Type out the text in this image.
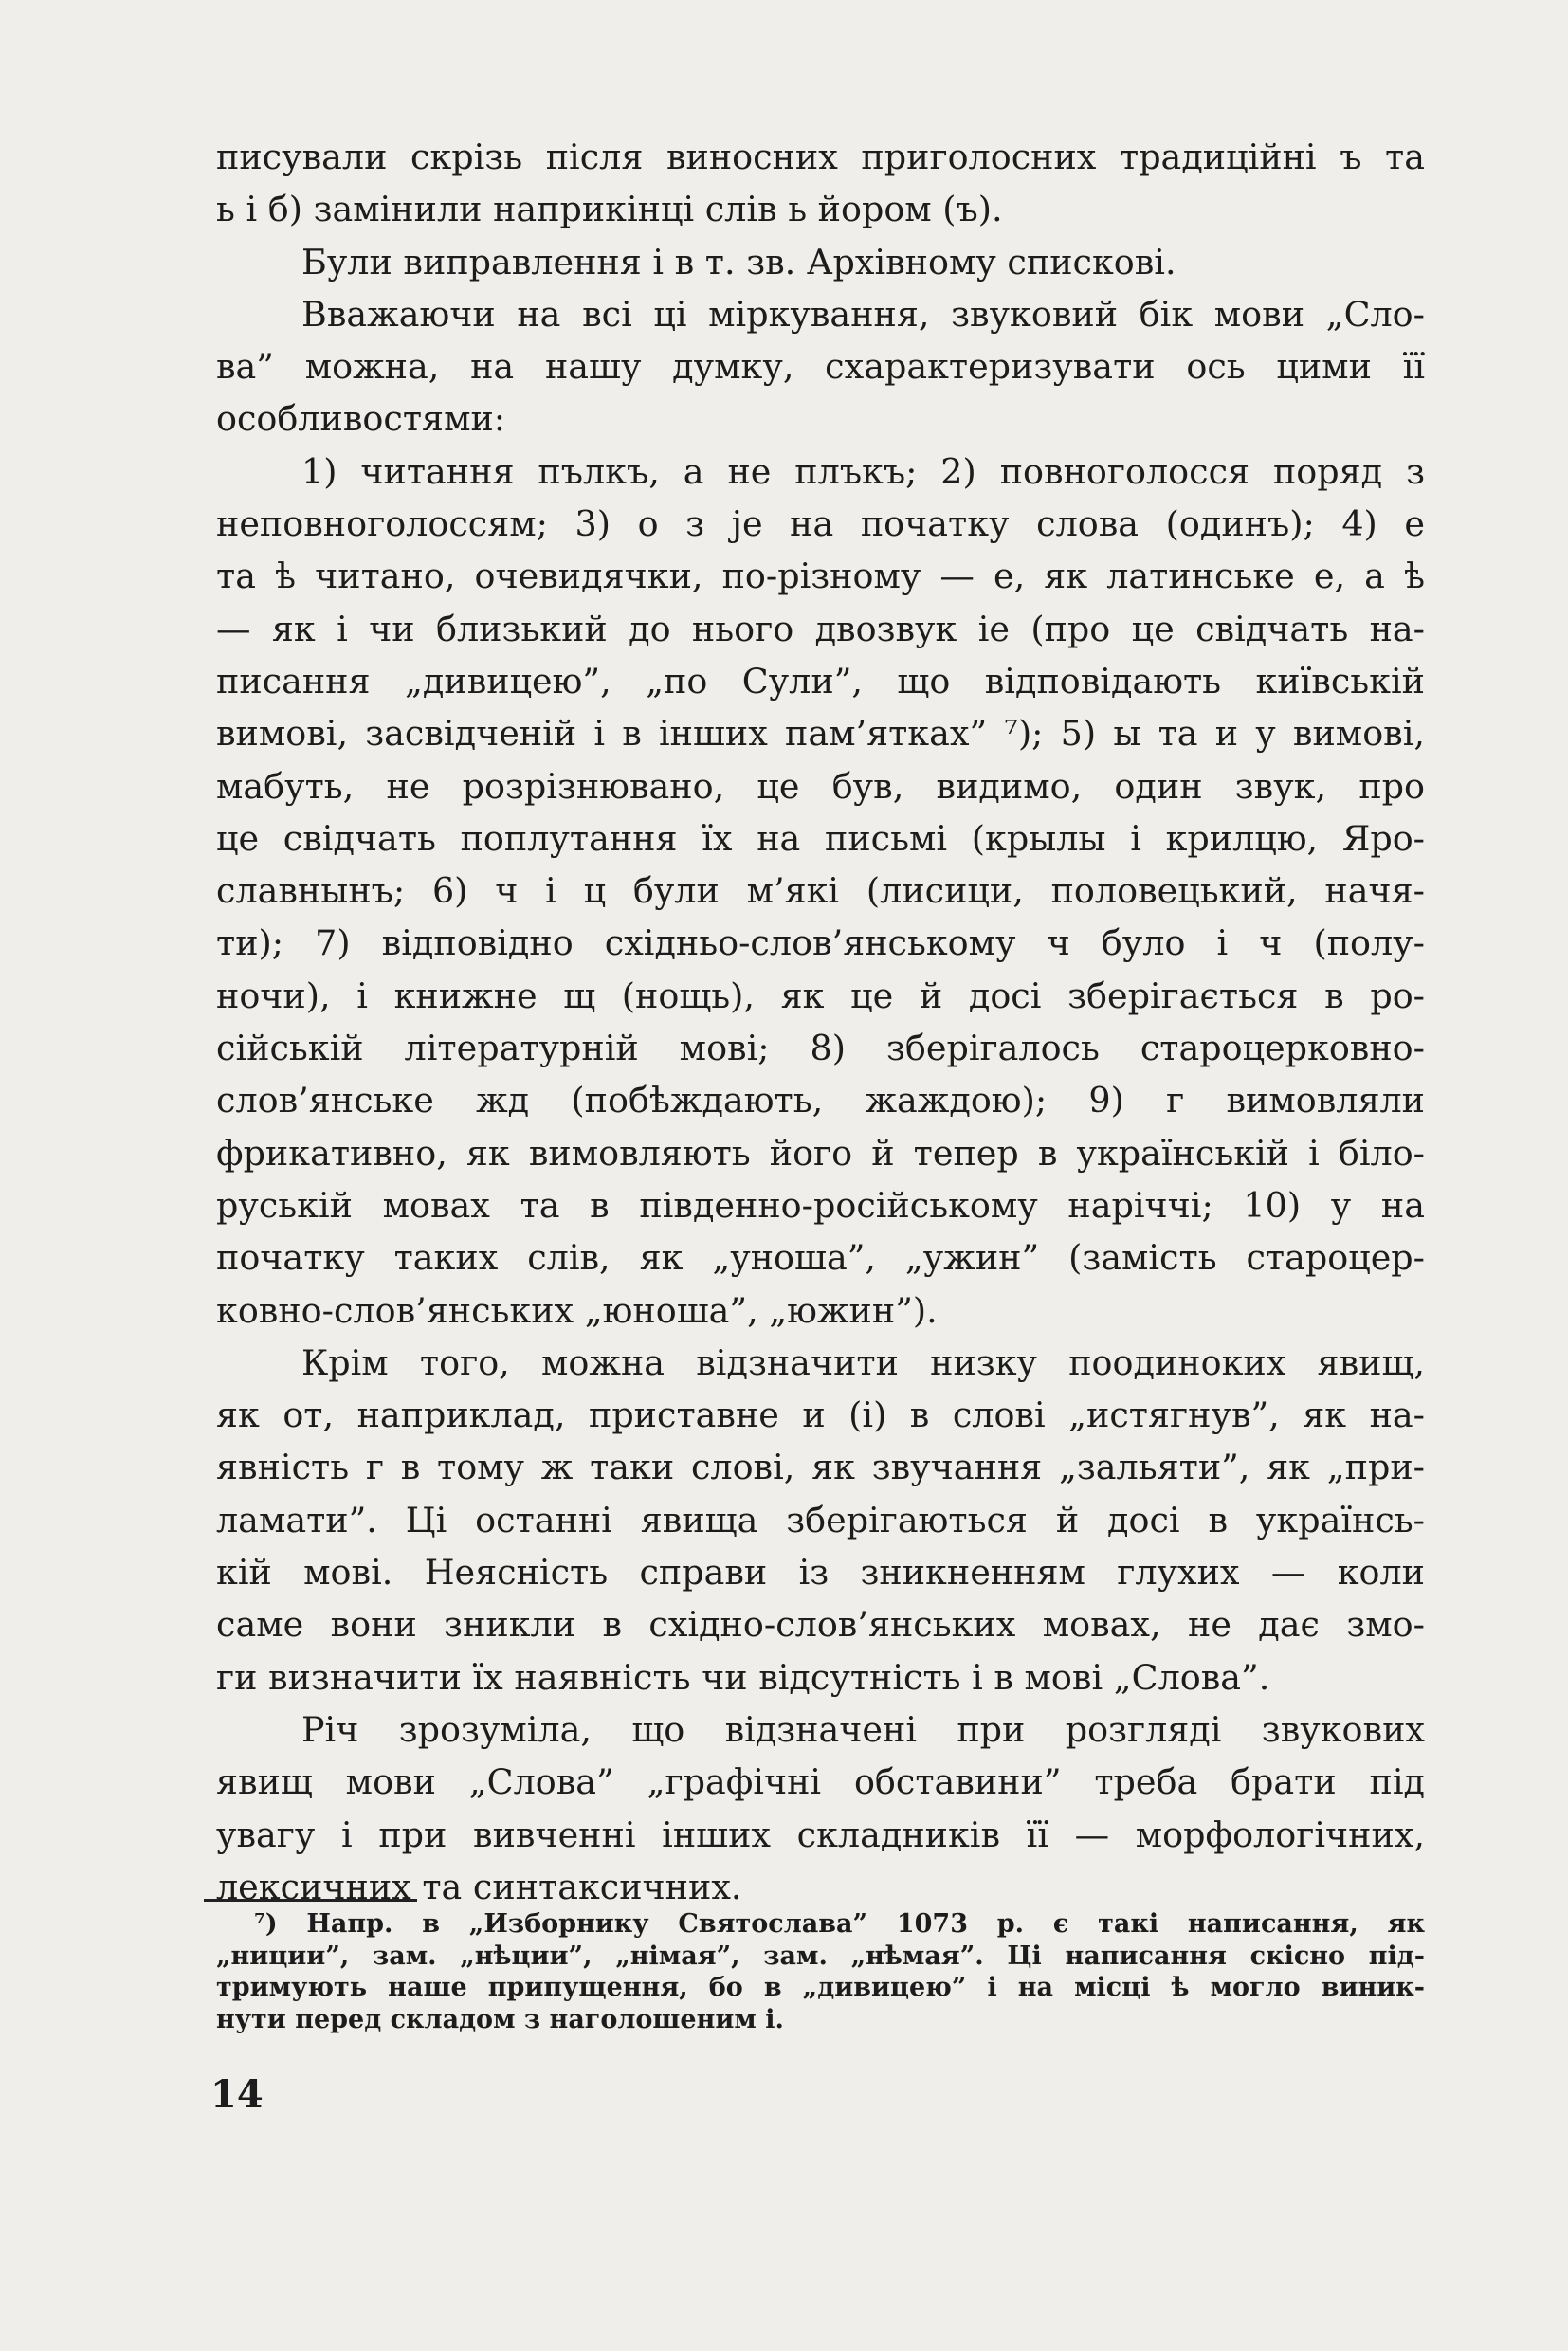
писували скрізь після виносних приголосних традиційні ъ та
ь і б) замінили наприкінці слів ь йором (ъ).
Були виправлення і в т. зв. Архівному спискові.
Вважаючи на всі ці міркування, звуковий бік мови „Сло-
ва” можна, на нашу думку, схарактеризувати ось цими її
особливостями:
1) читання пълкъ, а не плъкъ; 2) повноголосся поряд з
неповноголоссям; 3) о з је на початку слова (одинъ); 4) е
та ѣ читано, очевидячки, по-різному — е, як латинське е, а ѣ
— як і чи близький до нього двозвук іе (про це свідчать на-
писання „дивицею”, „по Сули”, що відповідають київській
вимові, засвідченій і в інших пам’ятках” ⁷); 5) ы та и у вимові,
мабуть, не розрізнювано, це був, видимо, один звук, про
це свідчать поплутання їх на письмі (крылы і крилцю, Яро-
славнынъ; 6) ч і ц були м’які (лисици, половецький, начя-
ти); 7) відповідно східньо-слов’янському ч було і ч (полу-
ночи), і книжне щ (нощь), як це й досі зберігається в ро-
сійській літературній мові; 8) зберігалось староцерковно-
слов’янське жд (побѣждають, жаждою); 9) г вимовляли
фрикативно, як вимовляють його й тепер в українській і біло-
руській мовах та в південно-російському наріччі; 10) у на
початку таких слів, як „уноша”, „ужин” (замість староцер-
ковно-слов’янських „юноша”, „южин”).
Крім того, можна відзначити низку поодиноких явищ,
як от, наприклад, приставне и (і) в слові „истягнув”, як на-
явність г в тому ж таки слові, як звучання „зальяти”, як „при-
ламати”. Ці останні явища зберігаються й досі в українсь-
кій мові. Неясність справи із зникненням глухих — коли
саме вони зникли в східно-слов’янських мовах, не дає змо-
ги визначити їх наявність чи відсутність і в мові „Слова”.
Річ зрозуміла, що відзначені при розгляді звукових
явищ мови „Слова” „графічні обставини” треба брати під
увагу і при вивченні інших складників її — морфологічних,
лексичних та синтаксичних.
⁷) Напр. в „Изборнику Святослава” 1073 р. є такі написання, як
„ниции”, зам. „нѣции”, „нiмая”, зам. „нѣмая”. Ці написання скісно під-
тримують наше припущення, бо в „дивицею” і на місці ѣ могло виник-
нути перед складом з наголошеним і.
14
